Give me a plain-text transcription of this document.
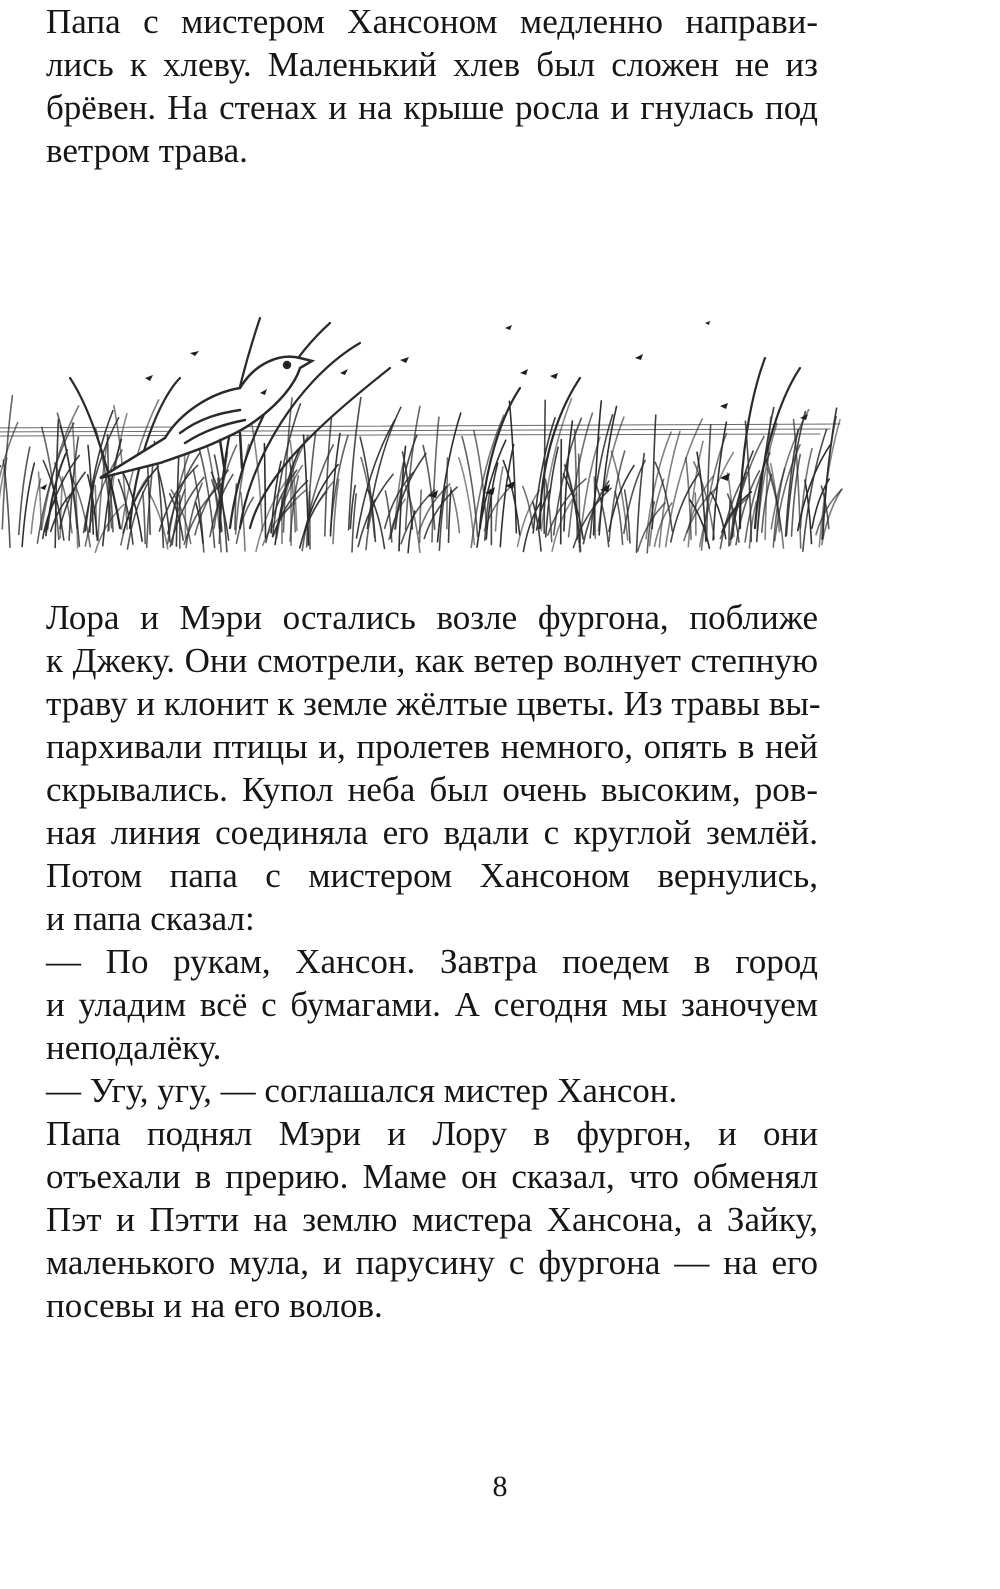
Папа с мистером Хансоном медленно направи-
лись к хлеву. Маленький хлев был сложен не из
брёвен. На стенах и на крыше росла и гнулась под
ветром трава.

Лора и Мэри остались возле фургона, поближе
к Джеку. Они смотрели, как ветер волнует степную
траву и клонит к земле жёлтые цветы. Из травы вы-
пархивали птицы и, пролетев немного, опять в ней
скрывались. Купол неба был очень высоким, ров-
ная линия соединяла его вдали с круглой землёй.

Потом папа с мистером Хансоном вернулись,
и папа сказал:

— По рукам, Хансон. Завтра поедем в город
и уладим всё с бумагами. А сегодня мы заночуем
неподалёку.

— Угу, угу, — соглашался мистер Хансон.

Папа поднял Мэри и Лору в фургон, и они
отъехали в прерию. Маме он сказал, что обменял
Пэт и Пэтти на землю мистера Хансона, а Зайку,
маленького мула, и парусину с фургона — на его
посевы и на его волов.

8
